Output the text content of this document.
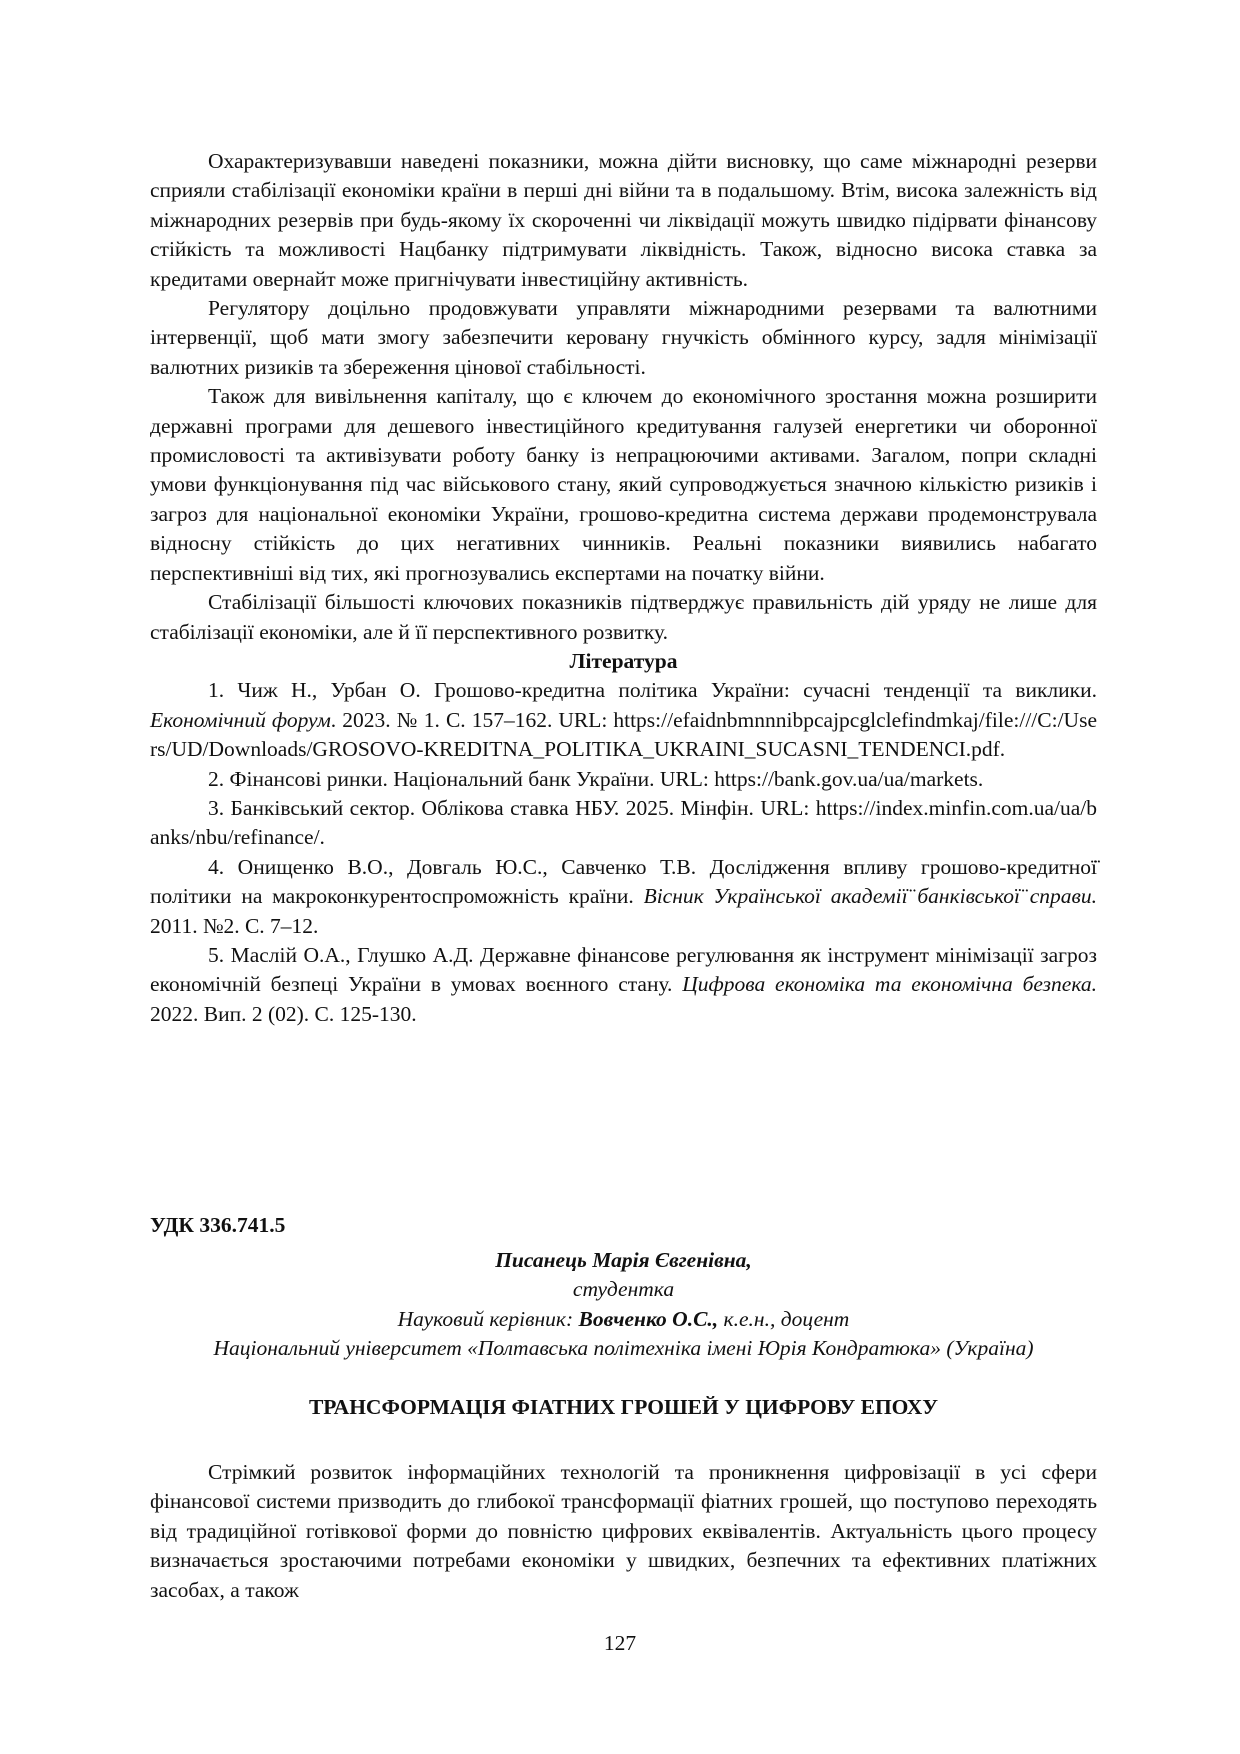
Охарактеризувавши наведені показники, можна дійти висновку, що саме міжнародні резерви сприяли стабілізації економіки країни в перші дні війни та в подальшому. Втім, висока залежність від міжнародних резервів при будь-якому їх скороченні чи ліквідації можуть швидко підірвати фінансову стійкість та можливості Нацбанку підтримувати ліквідність. Також, відносно висока ставка за кредитами овернайт може пригнічувати інвестиційну активність.

Регулятору доцільно продовжувати управляти міжнародними резервами та валютними інтервенції, щоб мати змогу забезпечити керовану гнучкість обмінного курсу, задля мінімізації валютних ризиків та збереження цінової стабільності.

Також для вивільнення капіталу, що є ключем до економічного зростання можна розширити державні програми для дешевого інвестиційного кредитування галузей енергетики чи оборонної промисловості та активізувати роботу банку із непрацюючими активами. Загалом, попри складні умови функціонування під час військового стану, який супроводжується значною кількістю ризиків і загроз для національної економіки України, грошово-кредитна система держави продемонструвала відносну стійкість до цих негативних чинників. Реальні показники виявились набагато перспективніші від тих, які прогнозувались експертами на початку війни.

Стабілізації більшості ключових показників підтверджує правильність дій уряду не лише для стабілізації економіки, але й її перспективного розвитку.

Література

1. Чиж Н., Урбан О. Грошово-кредитна політика України: сучасні тенденції та виклики. Економічний форум. 2023. № 1. С. 157–162. URL: https://efaidnbmnnnibpcajpcglclefindmkaj/file:///C:/Users/UD/Downloads/GROSOVO-KREDITNA_POLITIKA_UKRAINI_SUCASNI_TENDENCI.pdf.

2. Фінансові ринки. Національний банк України. URL: https://bank.gov.ua/ua/markets.

3. Банківський сектор. Облікова ставка НБУ. 2025. Мінфін. URL: https://index.minfin.com.ua/ua/banks/nbu/refinance/.

4. Онищенко В.О., Довгаль Ю.С., Савченко Т.В. Дослідження впливу грошово-кредитної̈ політики на макроконкурентоспроможність країни. Вісник Української академії̈ банківської̈ справи. 2011. №2. С. 7–12.

5. Маслій О.А., Глушко А.Д. Державне фінансове регулювання як інструмент мінімізації загроз економічній безпеці України в умовах воєнного стану. Цифрова економіка та економічна безпека. 2022. Вип. 2 (02). С. 125-130.

УДК 336.741.5
Писанець Марія Євгенівна,
студентка
Науковий керівник: Вовченко О.С., к.е.н., доцент
Національний університет «Полтавська політехніка імені Юрія Кондратюка» (Україна)
ТРАНСФОРМАЦІЯ ФІАТНИХ ГРОШЕЙ У ЦИФРОВУ ЕПОХУ

Стрімкий розвиток інформаційних технологій та проникнення цифровізації в усі сфери фінансової системи призводить до глибокої трансформації фіатних грошей, що поступово переходять від традиційної готівкової форми до повністю цифрових еквівалентів. Актуальність цього процесу визначається зростаючими потребами економіки у швидких, безпечних та ефективних платіжних засобах, а також

127
